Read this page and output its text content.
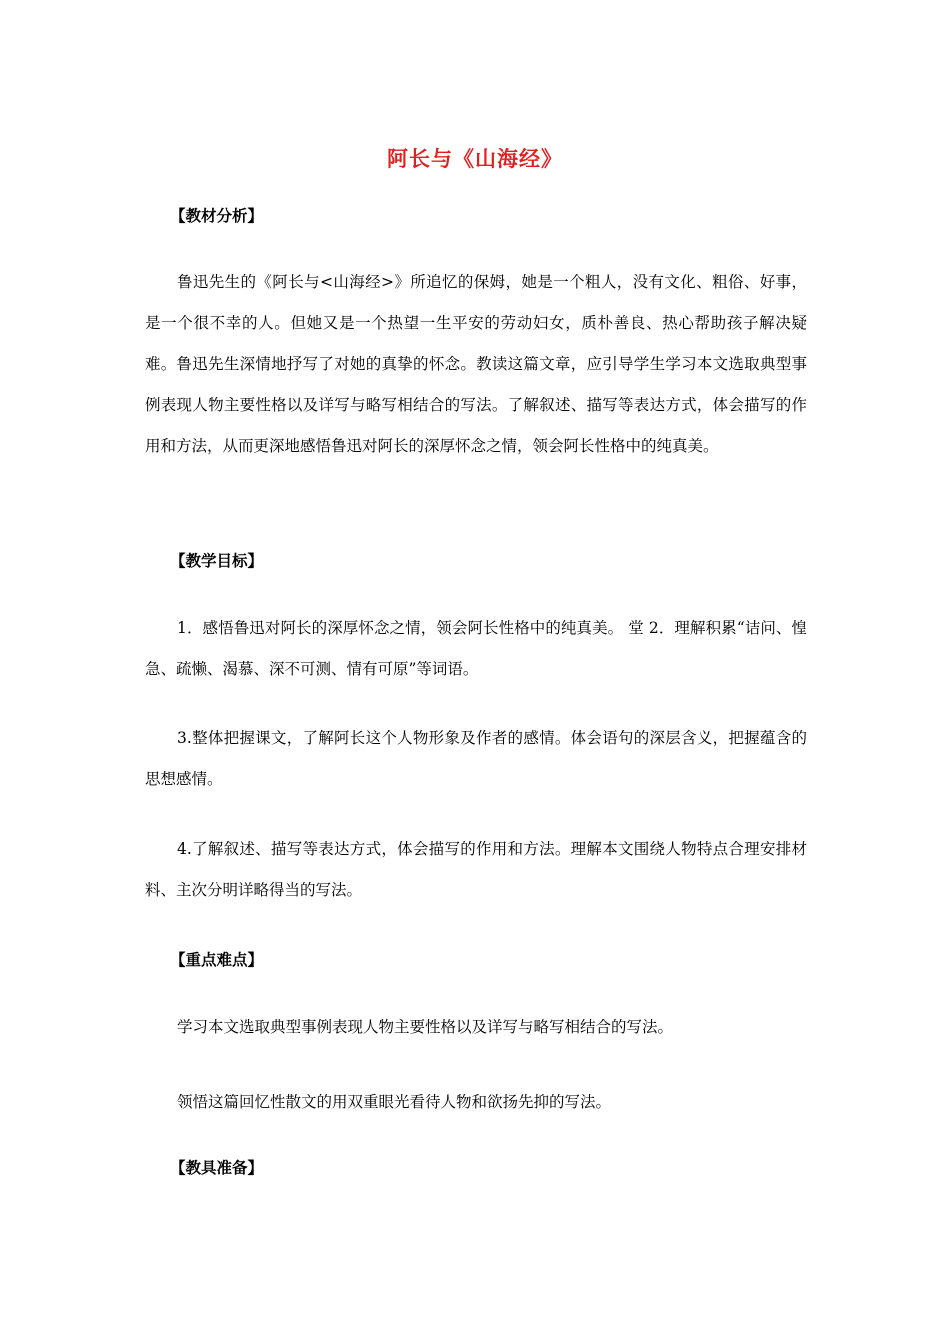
阿长与《山海经》
【教材分析】

鲁迅先生的《阿长与<山海经>》所追忆的保姆，她是一个粗人，没有文化、粗俗、好事，是一个很不幸的人。但她又是一个热望一生平安的劳动妇女，质朴善良、热心帮助孩子解决疑难。鲁迅先生深情地抒写了对她的真挚的怀念。教读这篇文章，应引导学生学习本文选取典型事例表现人物主要性格以及详写与略写相结合的写法。了解叙述、描写等表达方式，体会描写的作用和方法，从而更深地感悟鲁迅对阿长的深厚怀念之情，领会阿长性格中的纯真美。

【教学目标】

1．感悟鲁迅对阿长的深厚怀念之情，领会阿长性格中的纯真美。 堂 2．理解积累“诘问、惶急、疏懒、渴慕、深不可测、情有可原”等词语。

3.整体把握课文，了解阿长这个人物形象及作者的感情。体会语句的深层含义，把握蕴含的思想感情。

4.了解叙述、描写等表达方式，体会描写的作用和方法。理解本文围绕人物特点合理安排材料、主次分明详略得当的写法。

【重点难点】

学习本文选取典型事例表现人物主要性格以及详写与略写相结合的写法。

领悟这篇回忆性散文的用双重眼光看待人物和欲扬先抑的写法。

【教具准备】
